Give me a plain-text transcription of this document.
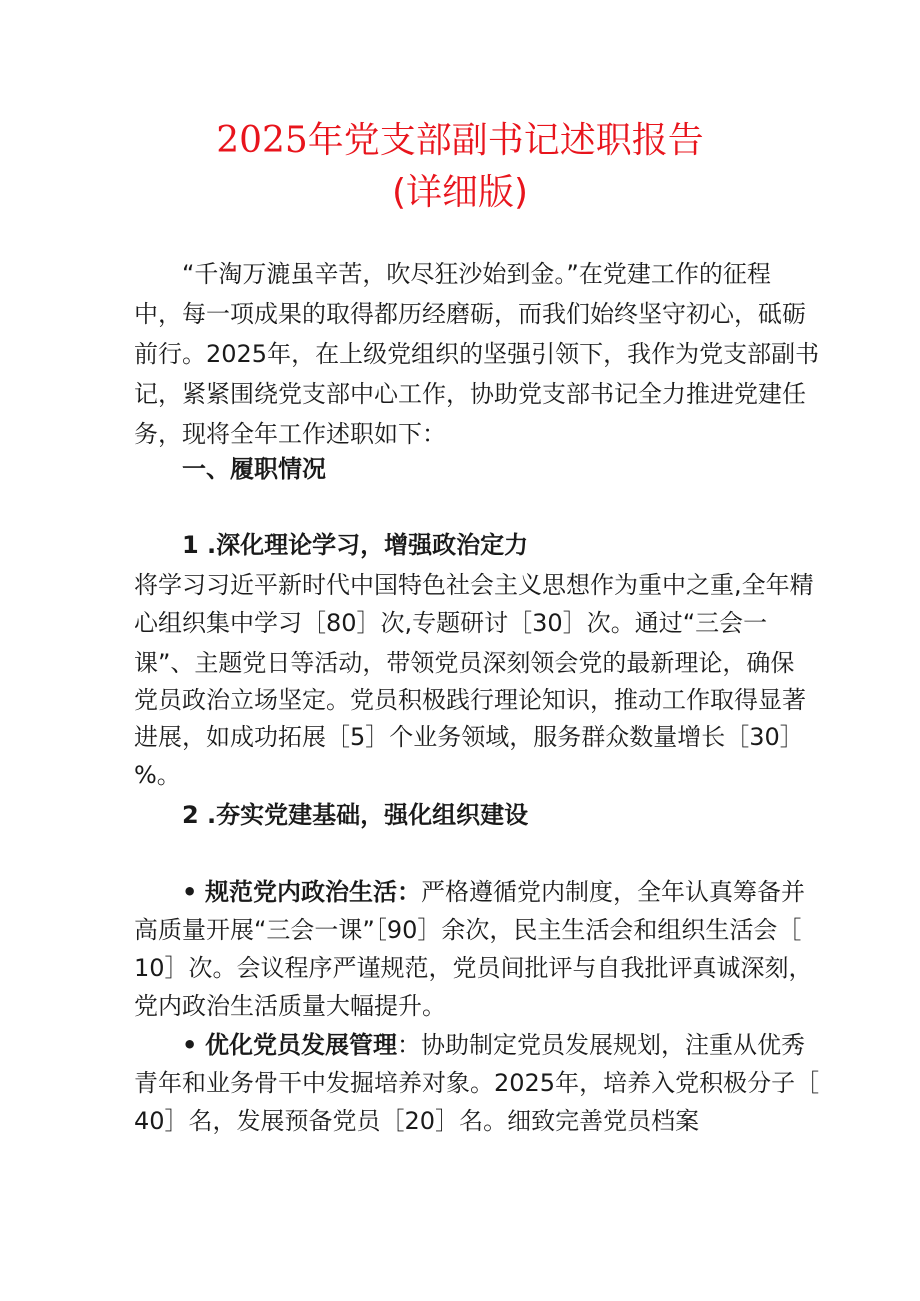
2025年党支部副书记述职报告
(详细版)
“千淘万漉虽辛苦，吹尽狂沙始到金。”在党建工作的征程
中，每一项成果的取得都历经磨砺，而我们始终坚守初心，砥砺
前行。2025年，在上级党组织的坚强引领下，我作为党支部副书
记，紧紧围绕党支部中心工作，协助党支部书记全力推进党建任
务，现将全年工作述职如下：
一、履职情况
1 .深化理论学习，增强政治定力
将学习习近平新时代中国特色社会主义思想作为重中之重,全年精
心组织集中学习［80］次,专题研讨［30］次。通过“三会一
课”、主题党日等活动，带领党员深刻领会党的最新理论，确保
党员政治立场坚定。党员积极践行理论知识，推动工作取得显著
进展，如成功拓展［5］个业务领域，服务群众数量增长［30］
%。
2 .夯实党建基础，强化组织建设
• 规范党内政治生活：严格遵循党内制度，全年认真筹备并
高质量开展“三会一课”［90］余次，民主生活会和组织生活会［
10］次。会议程序严谨规范，党员间批评与自我批评真诚深刻，
党内政治生活质量大幅提升。
• 优化党员发展管理：协助制定党员发展规划，注重从优秀
青年和业务骨干中发掘培养对象。2025年，培养入党积极分子［
40］名，发展预备党员［20］名。细致完善党员档案
